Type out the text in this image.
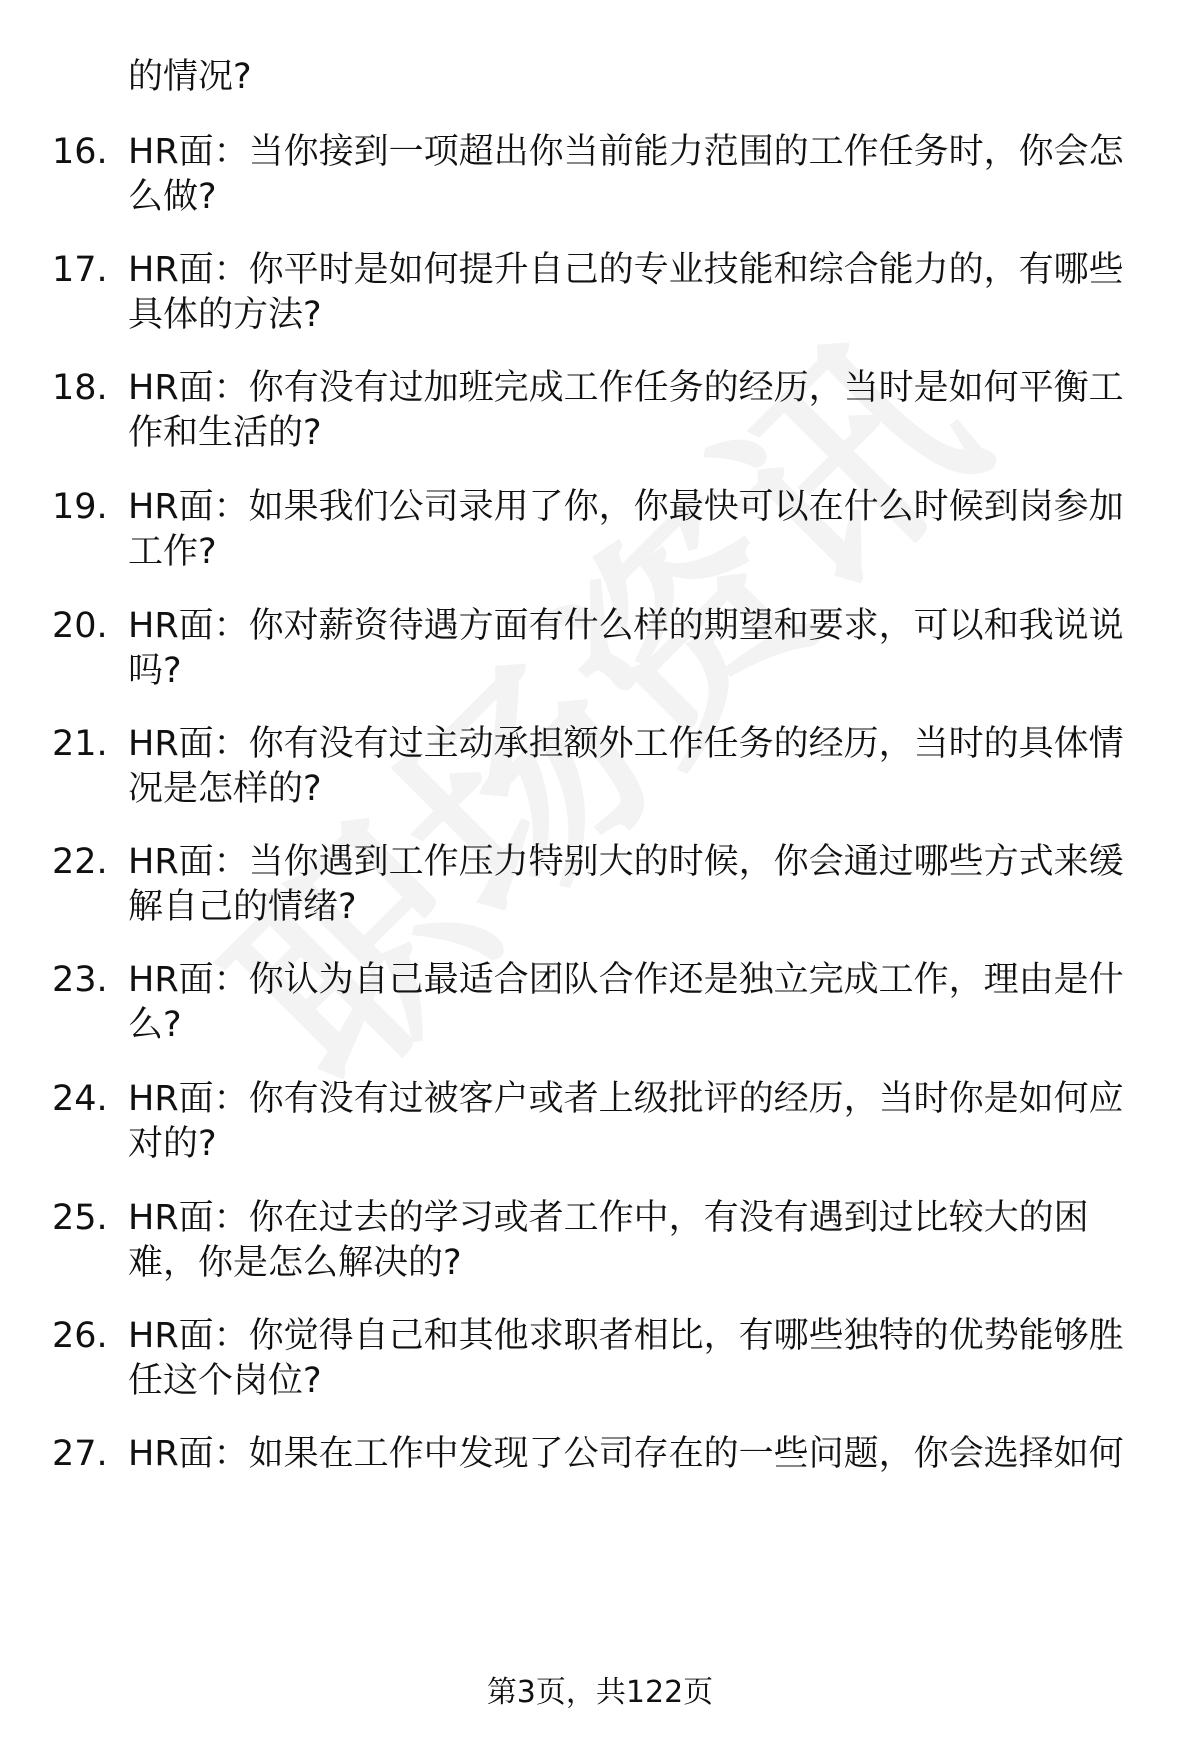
的情况?
16. HR面：当你接到一项超出你当前能力范围的工作任务时，你会怎么做?
17. HR面：你平时是如何提升自己的专业技能和综合能力的，有哪些具体的方法?
18. HR面：你有没有过加班完成工作任务的经历，当时是如何平衡工作和生活的?
19. HR面：如果我们公司录用了你，你最快可以在什么时候到岗参加工作?
20. HR面：你对薪资待遇方面有什么样的期望和要求，可以和我说说吗?
21. HR面：你有没有过主动承担额外工作任务的经历，当时的具体情况是怎样的?
22. HR面：当你遇到工作压力特别大的时候，你会通过哪些方式来缓解自己的情绪?
23. HR面：你认为自己最适合团队合作还是独立完成工作，理由是什么?
24. HR面：你有没有过被客户或者上级批评的经历，当时你是如何应对的?
25. HR面：你在过去的学习或者工作中，有没有遇到过比较大的困难，你是怎么解决的?
26. HR面：你觉得自己和其他求职者相比，有哪些独特的优势能够胜任这个岗位?
27. HR面：如果在工作中发现了公司存在的一些问题，你会选择如何
第3页，共122页
